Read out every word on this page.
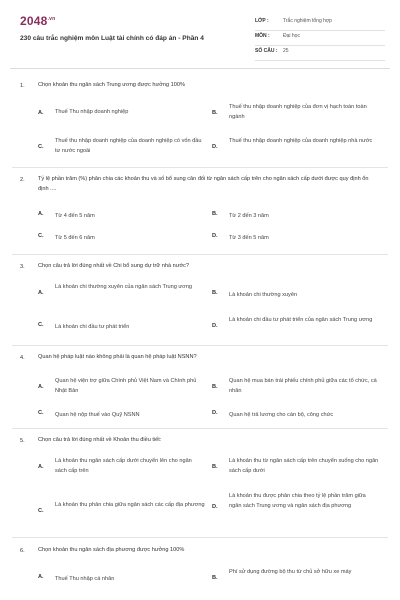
$2048^{.vn}$
230 câu trắc nghiệm môn Luật tài chính có đáp án - Phần 4
LỚP :	Trắc nghiệm tổng hợp
MÔN :	Đại học
SỐ CÂU : 25
1. Chọn khoản thu ngân sách Trung ương được hưởng 100%
A. Thuế Thu nhập doanh nghiệp	B.
Thuế thu nhập doanh nghiệp của đơn vị hạch toán toàn ngành
C.
Thuế thu nhập doanh nghiệp của doanh nghiệp có vốn đầu tư nước ngoài
D.
Thuế thu nhập doanh nghiệp của doanh nghiệp nhà nước
2. Tỷ lệ phần trăm (%) phân chia các khoản thu và số bổ sung cân đối từ ngân sách cấp trên cho ngân sách cấp dưới được quy định ổn định ....
A. Từ 4 đến 5 năm	B. Từ 2 đến 3 năm
C. Từ 5 đến 6 năm	D. Từ 3 đến 5 năm
3. Chọn câu trả lời đúng nhất về Chi bổ sung dự trữ nhà nước?
A.
Là khoản chi thường xuyên của ngân sách Trung ương
B. Là khoản chi thường xuyên
C. Là khoản chi đầu tư phát triển	D.
Là khoản chi đầu tư phát triển của ngân sách Trung ương
4. Quan hệ pháp luật nào không phải là quan hệ pháp luật NSNN?
A.
Quan hệ viện trợ giữa Chính phủ Việt Nam và Chính phủ Nhật Bản
B.
Quan hệ mua bán trái phiếu chính phủ giữa các tổ chức, cá nhân
C. Quan hệ nộp thuế vào Quỹ NSNN	D. Quan hệ trả lương cho cán bộ, công chức
5. Chọn câu trả lời đúng nhất về Khoản thu điều tiết:
A.
Là khoản thu ngân sách cấp dưới chuyển lên cho ngân sách cấp trên
B.
Là khoản thu từ ngân sách cấp trên chuyển xuống cho ngân sách cấp dưới
C.
Là khoản thu phân chia giữa ngân sách các cấp địa phương D.
Là khoản thu được phân chia theo tỷ lệ phần trăm giữa ngân sách Trung ương và ngân sách địa phương
6. Chọn khoản thu ngân sách địa phương được hưởng 100%
A. Thuế Thu nhập cá nhân	B.
Phí sử dụng đường bộ thu từ chủ sở hữu xe máy
